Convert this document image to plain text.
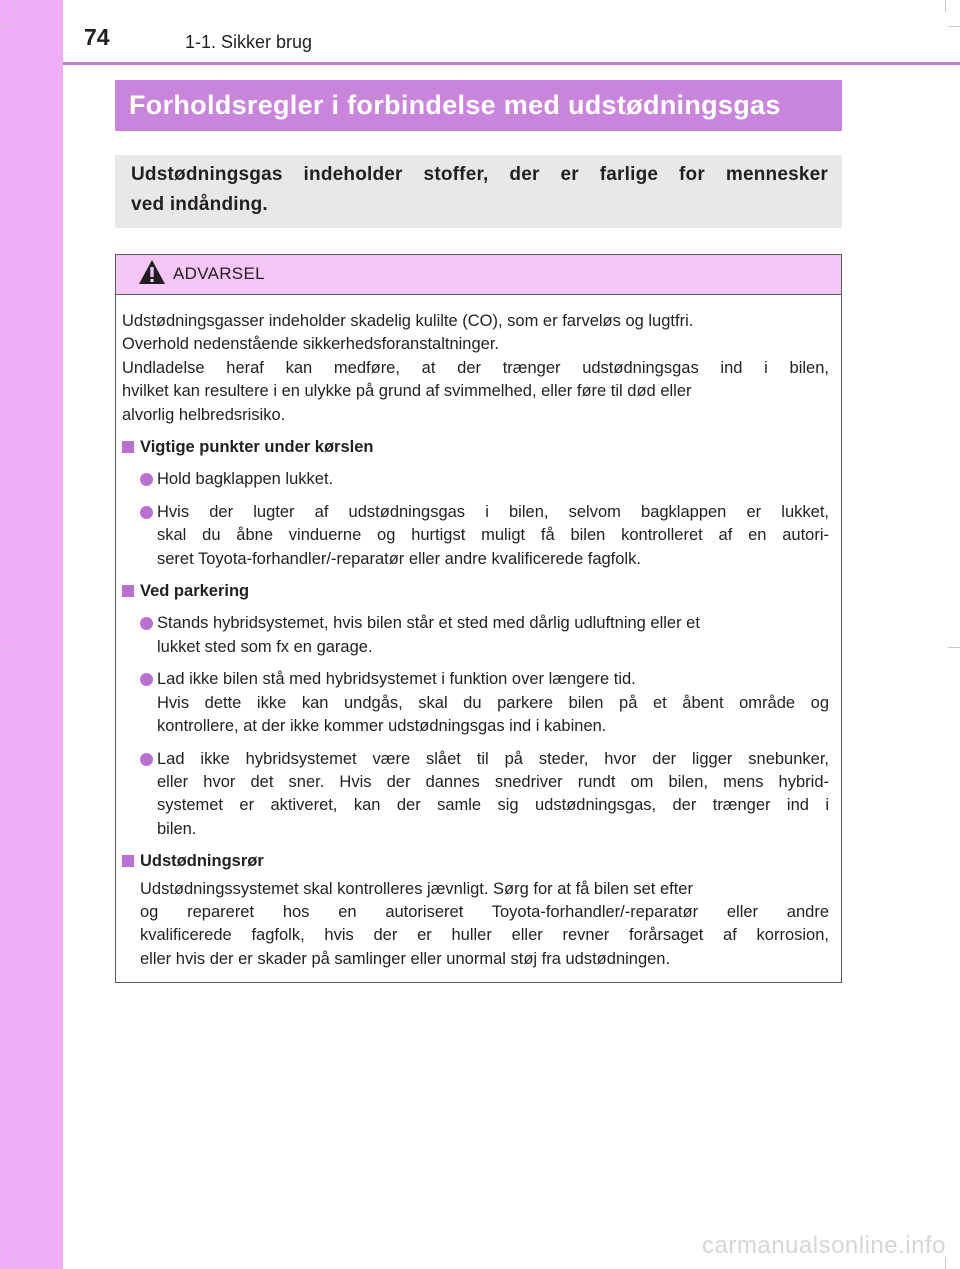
74	1-1. Sikker brug
Forholdsregler i forbindelse med udstødningsgas
Udstødningsgas indeholder stoffer, der er farlige for mennesker
ved indånding.
ADVARSEL

Udstødningsgasser indeholder skadelig kulilte (CO), som er farveløs og lugtfri.
Overhold nedenstående sikkerhedsforanstaltninger.
Undladelse heraf kan medføre, at der trænger udstødningsgas ind i bilen,
hvilket kan resultere i en ulykke på grund af svimmelhed, eller føre til død eller
alvorlig helbredsrisiko.

Vigtige punkter under kørslen
Hold bagklappen lukket.
Hvis der lugter af udstødningsgas i bilen, selvom bagklappen er lukket,
skal du åbne vinduerne og hurtigst muligt få bilen kontrolleret af en autori-
seret Toyota-forhandler/-reparatør eller andre kvalificerede fagfolk.
Ved parkering
Stands hybridsystemet, hvis bilen står et sted med dårlig udluftning eller et
lukket sted som fx en garage.
Lad ikke bilen stå med hybridsystemet i funktion over længere tid.
Hvis dette ikke kan undgås, skal du parkere bilen på et åbent område og
kontrollere, at der ikke kommer udstødningsgas ind i kabinen.
Lad ikke hybridsystemet være slået til på steder, hvor der ligger snebunker,
eller hvor det sner. Hvis der dannes snedriver rundt om bilen, mens hybrid-
systemet er aktiveret, kan der samle sig udstødningsgas, der trænger ind i
bilen.
Udstødningsrør

Udstødningssystemet skal kontrolleres jævnligt. Sørg for at få bilen set efter
og repareret hos en autoriseret Toyota-forhandler/-reparatør eller andre
kvalificerede fagfolk, hvis der er huller eller revner forårsaget af korrosion,
eller hvis der er skader på samlinger eller unormal støj fra udstødningen.

carmanualsonline.info
